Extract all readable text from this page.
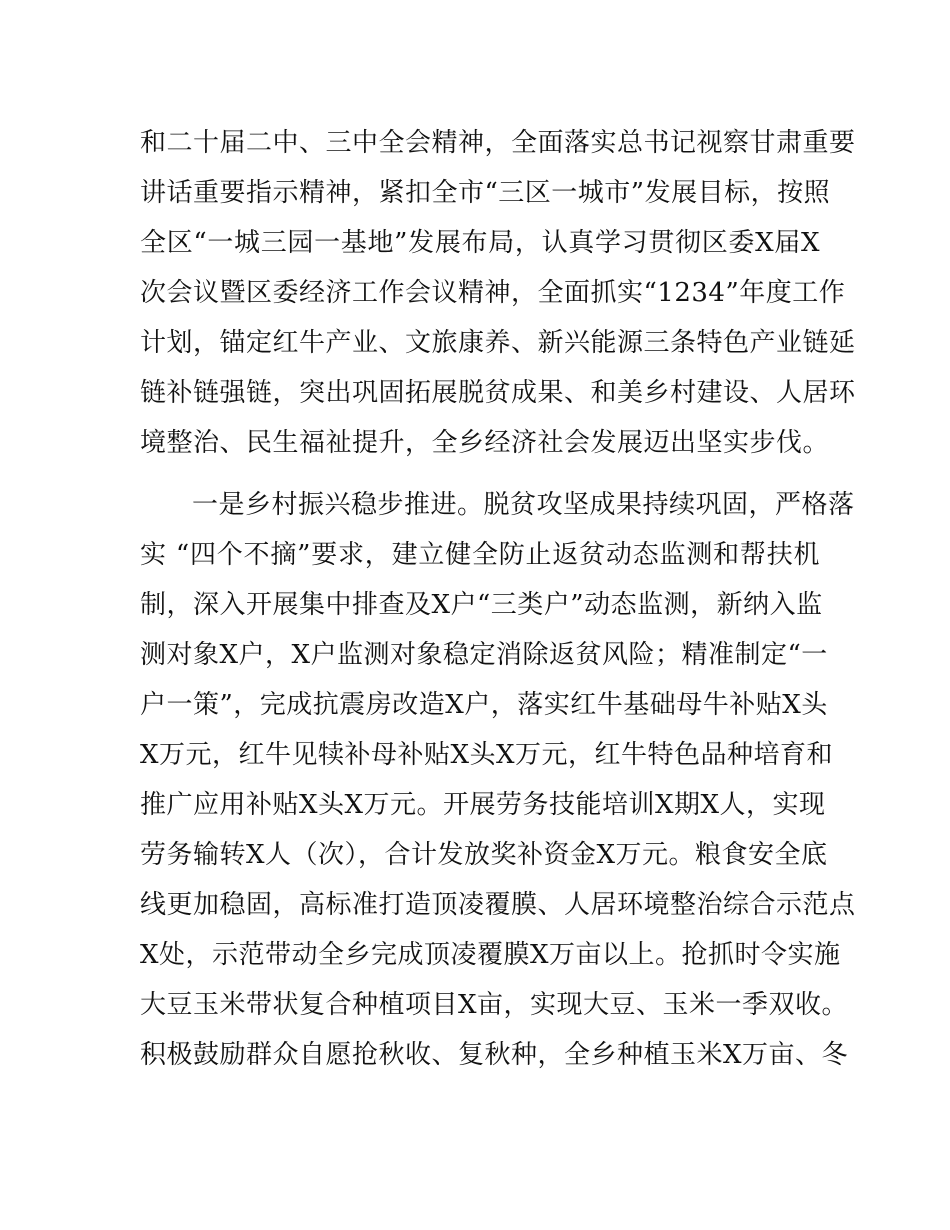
和二十届二中、三中全会精神，全面落实总书记视察甘肃重要
讲话重要指示精神，紧扣全市“三区一城市”发展目标，按照
全区“一城三园一基地”发展布局，认真学习贯彻区委X届X
次会议暨区委经济工作会议精神，全面抓实“1234”年度工作
计划，锚定红牛产业、文旅康养、新兴能源三条特色产业链延
链补链强链，突出巩固拓展脱贫成果、和美乡村建设、人居环
境整治、民生福祉提升，全乡经济社会发展迈出坚实步伐。
一是乡村振兴稳步推进。脱贫攻坚成果持续巩固，严格落
实 “四个不摘”要求，建立健全防止返贫动态监测和帮扶机
制，深入开展集中排查及X户“三类户”动态监测，新纳入监
测对象X户，X户监测对象稳定消除返贫风险；精准制定“一
户一策”，完成抗震房改造X户，落实红牛基础母牛补贴X头
X万元，红牛见犊补母补贴X头X万元，红牛特色品种培育和
推广应用补贴X头X万元。开展劳务技能培训X期X人，实现
劳务输转X人（次），合计发放奖补资金X万元。粮食安全底
线更加稳固，高标准打造顶凌覆膜、人居环境整治综合示范点
X处，示范带动全乡完成顶凌覆膜X万亩以上。抢抓时令实施
大豆玉米带状复合种植项目X亩，实现大豆、玉米一季双收。
积极鼓励群众自愿抢秋收、复秋种，全乡种植玉米X万亩、冬
